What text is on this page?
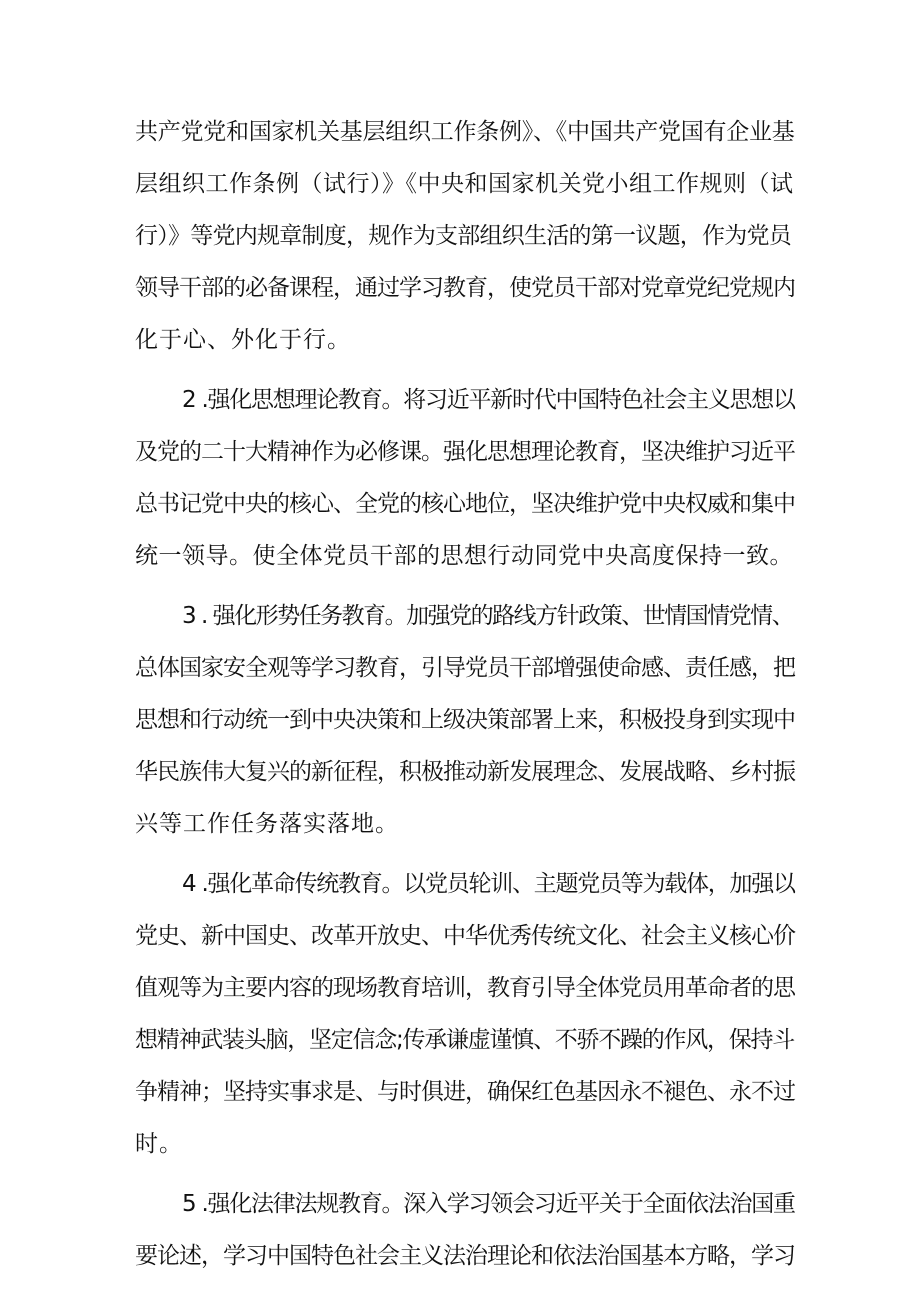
共产党党和国家机关基层组织工作条例》、《中国共产党国有企业基
层组织工作条例（试行）》《中央和国家机关党小组工作规则（试
行）》等党内规章制度，规作为支部组织生活的第一议题，作为党员
领导干部的必备课程，通过学习教育，使党员干部对党章党纪党规内
化于心、外化于行。

2 .强化思想理论教育。将习近平新时代中国特色社会主义思想以
及党的二十大精神作为必修课。强化思想理论教育，坚决维护习近平
总书记党中央的核心、全党的核心地位，坚决维护党中央权威和集中
统一领导。使全体党员干部的思想行动同党中央高度保持一致。

3 . 强化形势任务教育。加强党的路线方针政策、世情国情党情、
总体国家安全观等学习教育，引导党员干部增强使命感、责任感，把
思想和行动统一到中央决策和上级决策部署上来，积极投身到实现中
华民族伟大复兴的新征程，积极推动新发展理念、发展战略、乡村振
兴等工作任务落实落地。

4 .强化革命传统教育。以党员轮训、主题党员等为载体，加强以
党史、新中国史、改革开放史、中华优秀传统文化、社会主义核心价
值观等为主要内容的现场教育培训，教育引导全体党员用革命者的思
想精神武装头脑，坚定信念;传承谦虚谨慎、不骄不躁的作风，保持斗
争精神；坚持实事求是、与时俱进，确保红色基因永不褪色、永不过
时。

5 .强化法律法规教育。深入学习领会习近平关于全面依法治国重
要论述，学习中国特色社会主义法治理论和依法治国基本方略，学习
